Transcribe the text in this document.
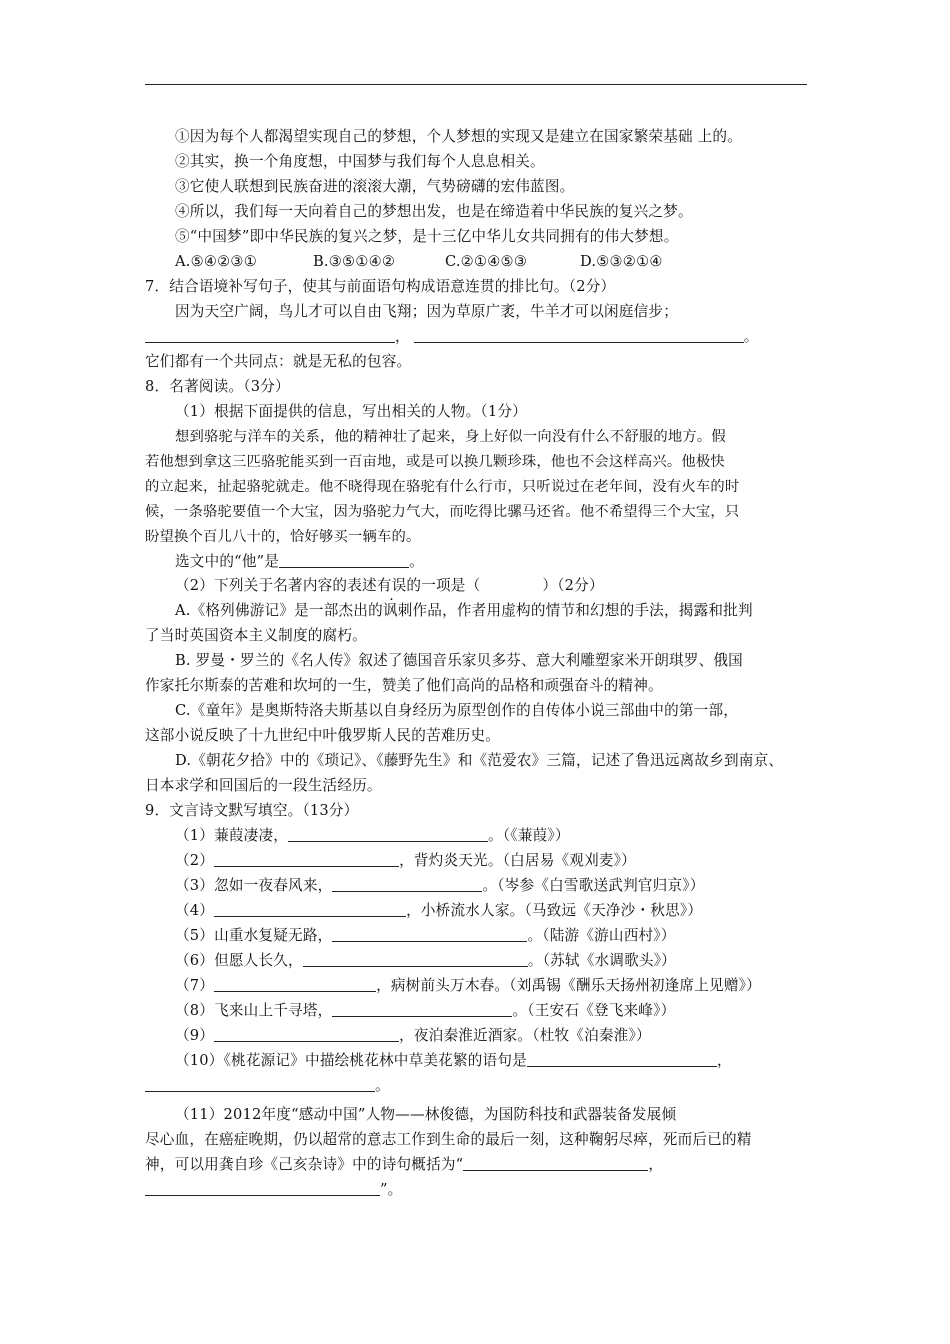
①因为每个人都渴望实现自己的梦想，个人梦想的实现又是建立在国家繁荣基础 上的。
②其实，换一个角度想，中国梦与我们每个人息息相关。
③它使人联想到民族奋进的滚滚大潮，气势磅礴的宏伟蓝图。
④所以，我们每一天向着自己的梦想出发，也是在缔造着中华民族的复兴之梦。
⑤“中国梦”即中华民族的复兴之梦，是十三亿中华儿女共同拥有的伟大梦想。
A.⑤④②③①	B.③⑤①④②	C.②①④⑤③	D.⑤③②①④
7．结合语境补写句子，使其与前面语句构成语意连贯的排比句。（2分）
因为天空广阔，鸟儿才可以自由飞翔；因为草原广袤，牛羊才可以闲庭信步；
，	。
它们都有一个共同点：就是无私的包容。
8．名著阅读。（3分）
（1）根据下面提供的信息，写出相关的人物。（1分）
想到骆驼与洋车的关系，他的精神壮了起来，身上好似一向没有什么不舒服的地方。假
若他想到拿这三匹骆驼能买到一百亩地，或是可以换几颗珍珠，他也不会这样高兴。他极快
的立起来，扯起骆驼就走。他不晓得现在骆驼有什么行市，只听说过在老年间，没有火车的时
候，一条骆驼要值一个大宝，因为骆驼力气大，而吃得比骡马还省。他不希望得三个大宝，只
盼望换个百儿八十的，恰好够买一辆车的。
选文中的“他”是	。
（2）下列关于名著内容的表述有误的一项是（	）（2分）
A.《格列佛游记》是一部杰出的讽刺作品，作者用虚构的情节和幻想的手法，揭露和批判
了当时英国资本主义制度的腐朽。
B. 罗曼・罗兰的《名人传》叙述了德国音乐家贝多芬、意大利雕塑家米开朗琪罗、俄国
作家托尔斯泰的苦难和坎坷的一生，赞美了他们高尚的品格和顽强奋斗的精神。
C.《童年》是奥斯特洛夫斯基以自身经历为原型创作的自传体小说三部曲中的第一部，
这部小说反映了十九世纪中叶俄罗斯人民的苦难历史。
D.《朝花夕拾》中的《琐记》、《藤野先生》和《范爱农》三篇，记述了鲁迅远离故乡到南京、
日本求学和回国后的一段生活经历。
9．文言诗文默写填空。（13分）
（1）蒹葭凄凄，	。（《蒹葭》）
（2）	，背灼炎天光。（白居易《观刈麦》）
（3）忽如一夜春风来，	。（岑参《白雪歌送武判官归京》）
（4）	，小桥流水人家。（马致远《天净沙・秋思》）
（5）山重水复疑无路，	。（陆游《游山西村》）
（6）但愿人长久，	。（苏轼《水调歌头》）
（7）	，病树前头万木春。（刘禹锡《酬乐天扬州初逢席上见赠》）
（8）飞来山上千寻塔，	。（王安石《登飞来峰》）
（9）	，夜泊秦淮近酒家。（杜牧《泊秦淮》）
（10）《桃花源记》中描绘桃花林中草美花繁的语句是	，
。
（11）2012年度“感动中国”人物——林俊德，为国防科技和武器装备发展倾
尽心血，在癌症晚期，仍以超常的意志工作到生命的最后一刻，这种鞠躬尽瘁，死而后已的精
神，可以用龚自珍《己亥杂诗》中的诗句概括为“	，
”。
